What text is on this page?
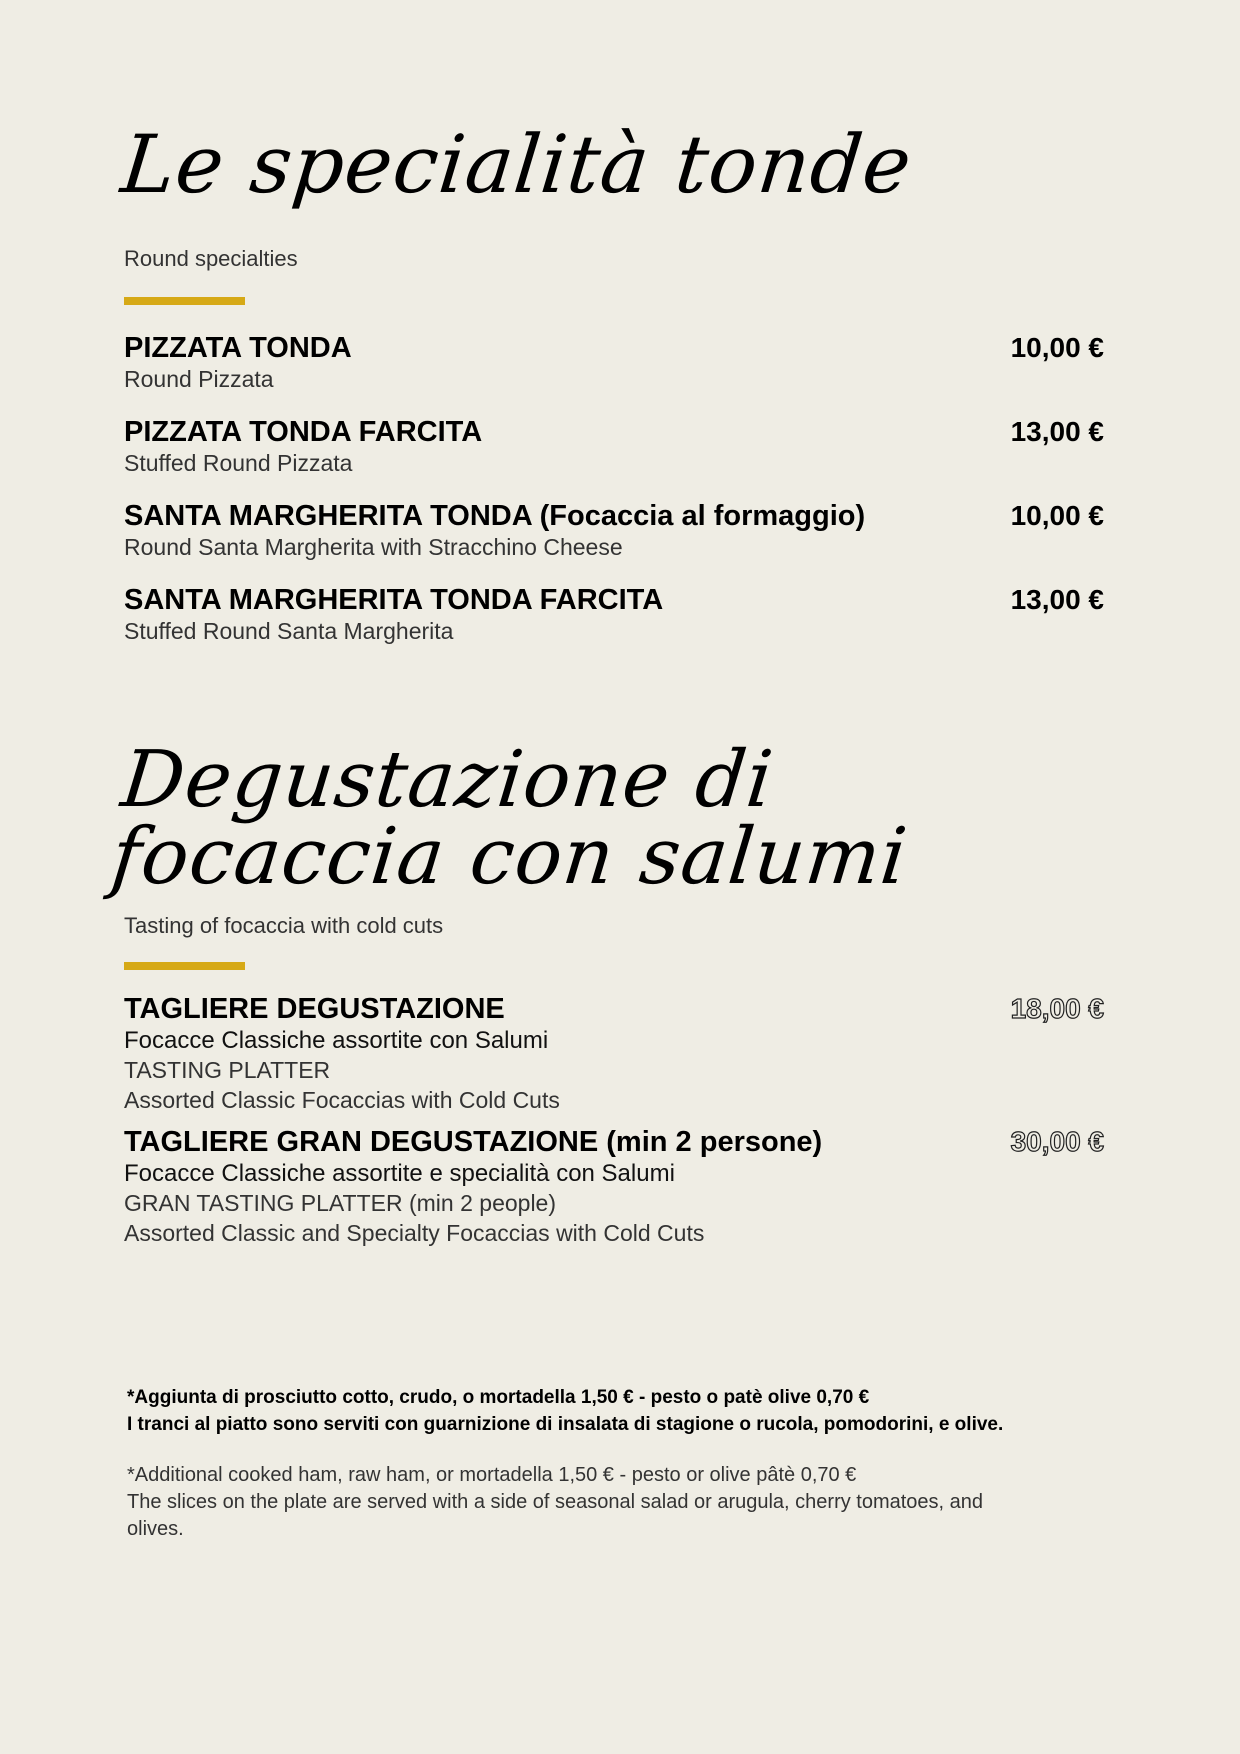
Le specialità tonde
Round specialties
PIZZATA TONDA
Round Pizzata
10,00 €
PIZZATA TONDA FARCITA
Stuffed Round Pizzata
13,00 €
SANTA MARGHERITA TONDA (Focaccia al formaggio)
Round Santa Margherita with Stracchino Cheese
10,00 €
SANTA MARGHERITA TONDA FARCITA
Stuffed Round Santa Margherita
13,00 €
Degustazione di
focaccia con salumi
Tasting of focaccia with cold cuts
TAGLIERE DEGUSTAZIONE
Focacce Classiche assortite con Salumi
TASTING PLATTER
Assorted Classic Focaccias with Cold Cuts
18,00 €
TAGLIERE GRAN DEGUSTAZIONE (min 2 persone)
Focacce Classiche assortite e specialità con Salumi
GRAN TASTING PLATTER (min 2 people)
Assorted Classic and Specialty Focaccias with Cold Cuts
30,00 €
*Aggiunta di prosciutto cotto, crudo, o mortadella 1,50 € - pesto o patè olive 0,70 €
I tranci al piatto sono serviti con guarnizione di insalata di stagione o rucola, pomodorini, e olive.
*Additional cooked ham, raw ham, or mortadella 1,50 € - pesto or olive pâtè 0,70 €
The slices on the plate are served with a side of seasonal salad or arugula, cherry tomatoes, and olives.
